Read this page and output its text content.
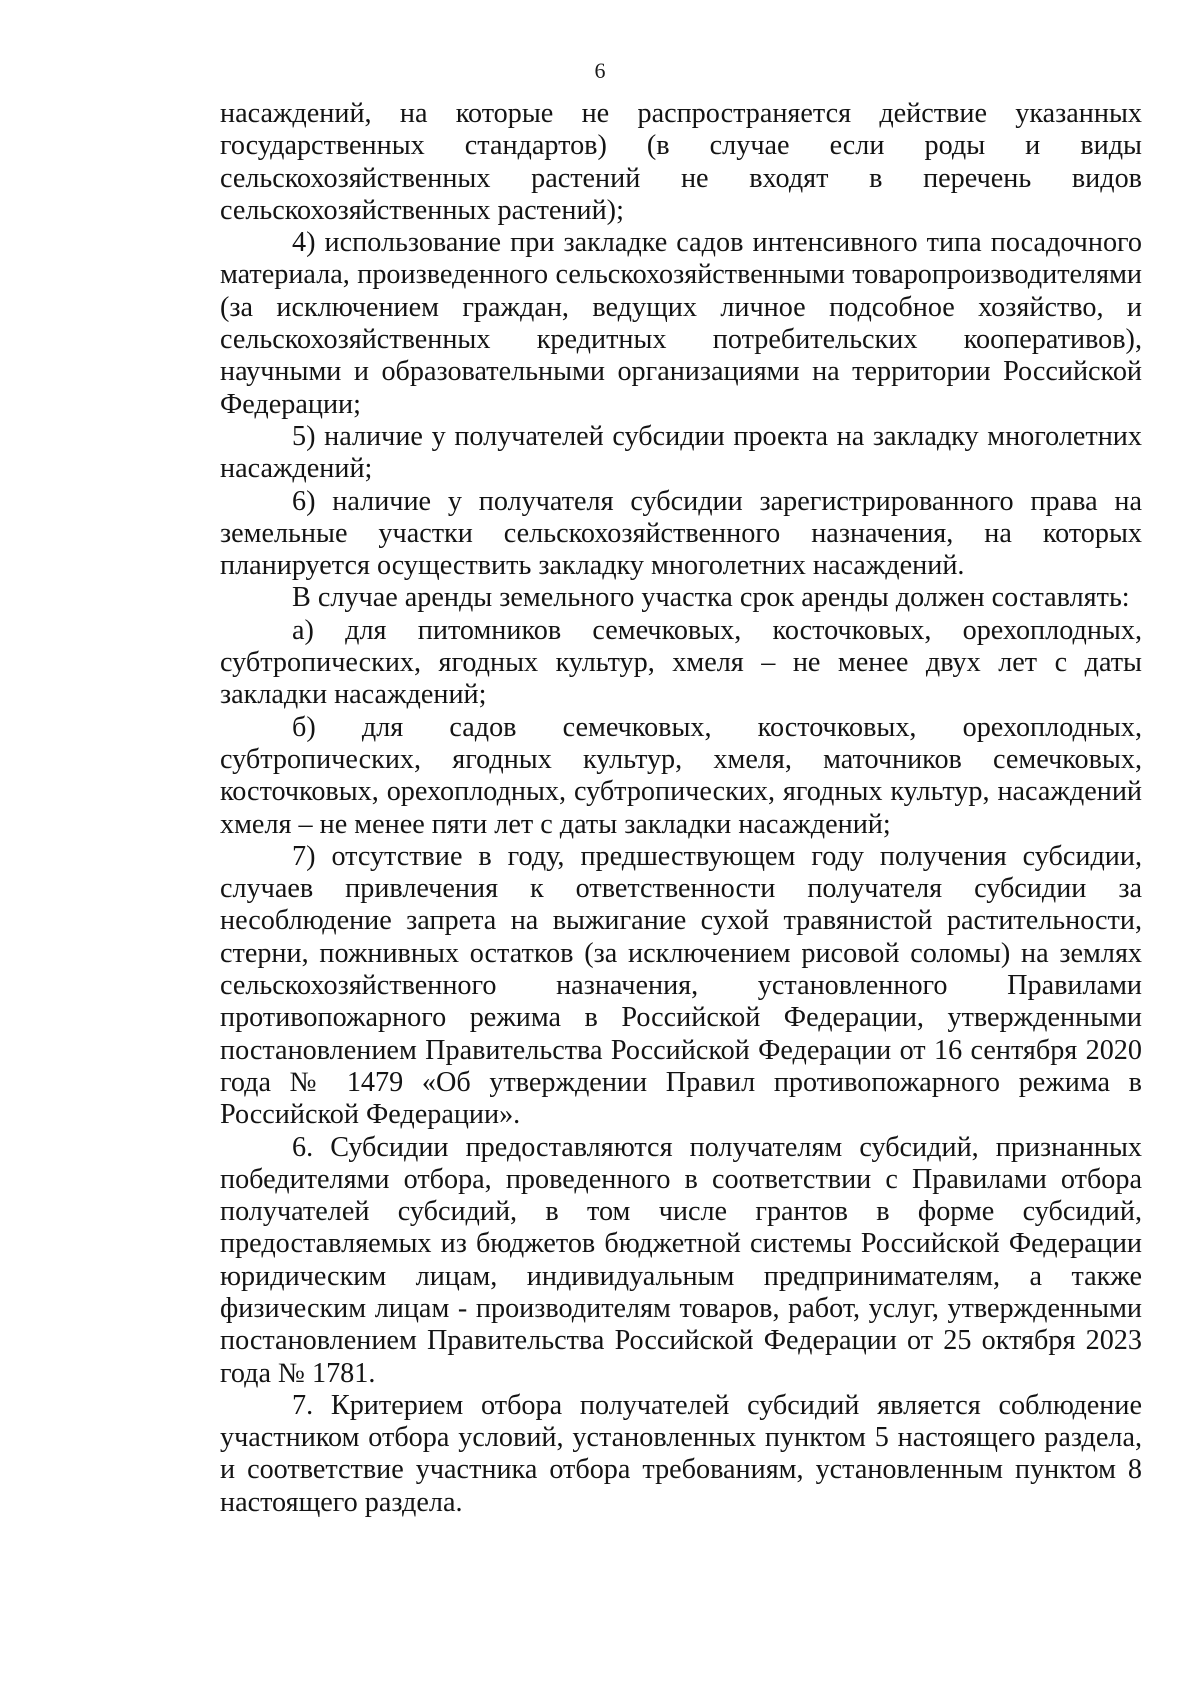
6

насаждений, на которые не распространяется действие указанных государственных стандартов) (в случае если роды и виды сельскохозяйственных растений не входят в перечень видов сельскохозяйственных растений);

4) использование при закладке садов интенсивного типа посадочного материала, произведенного сельскохозяйственными товаропроизводителями (за исключением граждан, ведущих личное подсобное хозяйство, и сельскохозяйственных кредитных потребительских кооперативов), научными и образовательными организациями на территории Российской Федерации;

5) наличие у получателей субсидии проекта на закладку многолетних насаждений;

6) наличие у получателя субсидии зарегистрированного права на земельные участки сельскохозяйственного назначения, на которых планируется осуществить закладку многолетних насаждений.

В случае аренды земельного участка срок аренды должен составлять:

а) для питомников семечковых, косточковых, орехоплодных, субтропических, ягодных культур, хмеля – не менее двух лет с даты закладки насаждений;

б) для садов семечковых, косточковых, орехоплодных, субтропических, ягодных культур, хмеля, маточников семечковых, косточковых, орехоплодных, субтропических, ягодных культур, насаждений хмеля – не менее пяти лет с даты закладки насаждений;

7) отсутствие в году, предшествующем году получения субсидии, случаев привлечения к ответственности получателя субсидии за несоблюдение запрета на выжигание сухой травянистой растительности, стерни, пожнивных остатков (за исключением рисовой соломы) на землях сельскохозяйственного назначения, установленного Правилами противопожарного режима в Российской Федерации, утвержденными постановлением Правительства Российской Федерации от 16 сентября 2020 года № 1479 «Об утверждении Правил противопожарного режима в Российской Федерации».

6. Субсидии предоставляются получателям субсидий, признанных победителями отбора, проведенного в соответствии с Правилами отбора получателей субсидий, в том числе грантов в форме субсидий, предоставляемых из бюджетов бюджетной системы Российской Федерации юридическим лицам, индивидуальным предпринимателям, а также физическим лицам - производителям товаров, работ, услуг, утвержденными постановлением Правительства Российской Федерации от 25 октября 2023 года № 1781.

7. Критерием отбора получателей субсидий является соблюдение участником отбора условий, установленных пунктом 5 настоящего раздела, и соответствие участника отбора требованиям, установленным пунктом 8 настоящего раздела.
